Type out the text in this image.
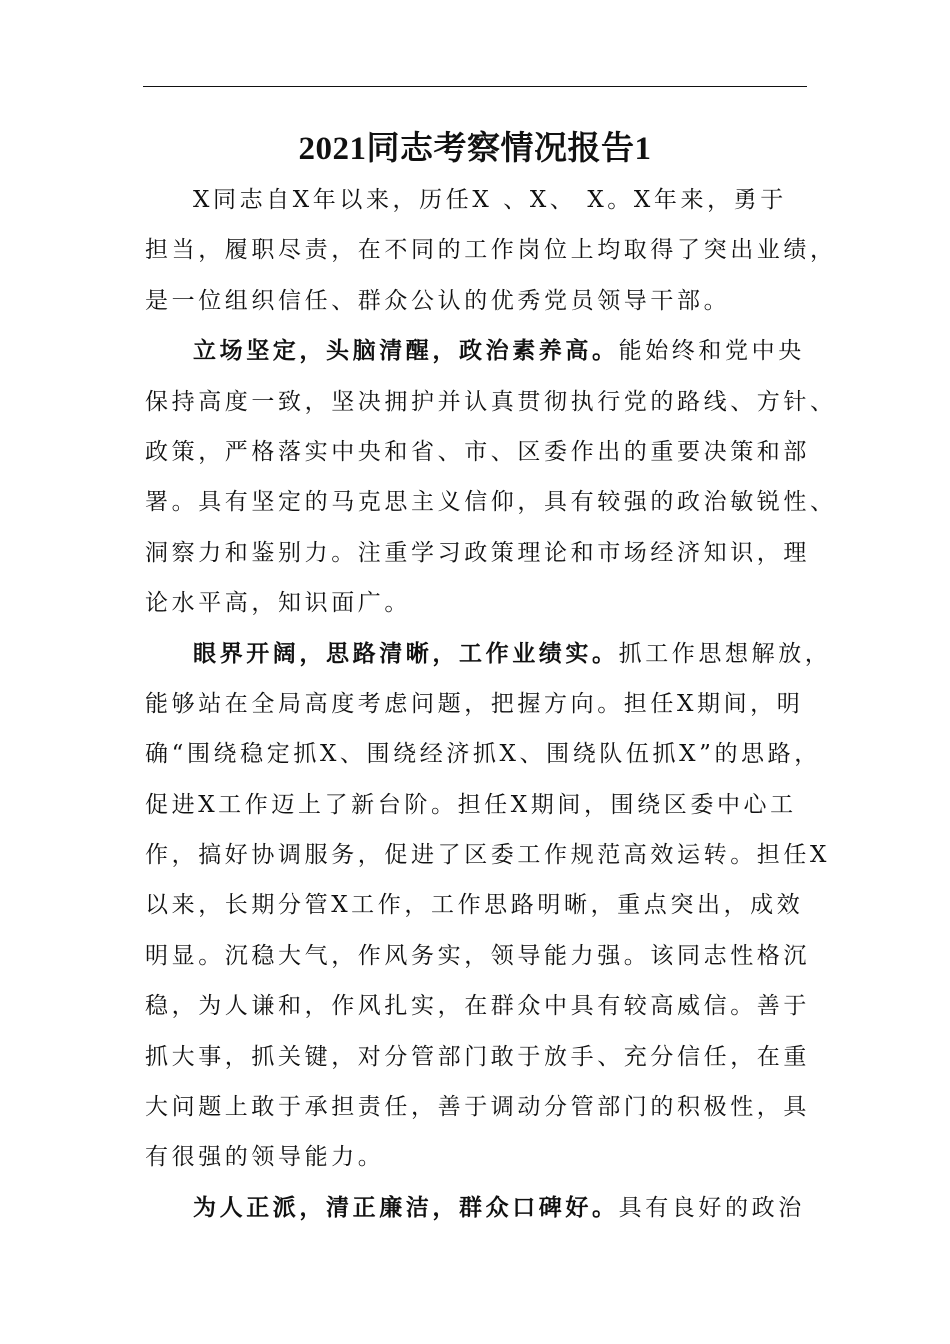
2021同志考察情况报告1
X同志自X年以来，历任X 、X、 X。X年来，勇于
担当，履职尽责，在不同的工作岗位上均取得了突出业绩，
是一位组织信任、群众公认的优秀党员领导干部。
立场坚定，头脑清醒，政治素养高。能始终和党中央
保持高度一致，坚决拥护并认真贯彻执行党的路线、方针、
政策，严格落实中央和省、市、区委作出的重要决策和部
署。具有坚定的马克思主义信仰，具有较强的政治敏锐性、
洞察力和鉴别力。注重学习政策理论和市场经济知识，理
论水平高，知识面广。
眼界开阔，思路清晰，工作业绩实。抓工作思想解放，
能够站在全局高度考虑问题，把握方向。担任X期间，明
确“围绕稳定抓X、围绕经济抓X、围绕队伍抓X”的思路，
促进X工作迈上了新台阶。担任X期间，围绕区委中心工
作，搞好协调服务，促进了区委工作规范高效运转。担任X
以来，长期分管X工作，工作思路明晰，重点突出，成效
明显。沉稳大气，作风务实，领导能力强。该同志性格沉
稳，为人谦和，作风扎实，在群众中具有较高威信。善于
抓大事，抓关键，对分管部门敢于放手、充分信任，在重
大问题上敢于承担责任，善于调动分管部门的积极性，具
有很强的领导能力。
为人正派，清正廉洁，群众口碑好。具有良好的政治
